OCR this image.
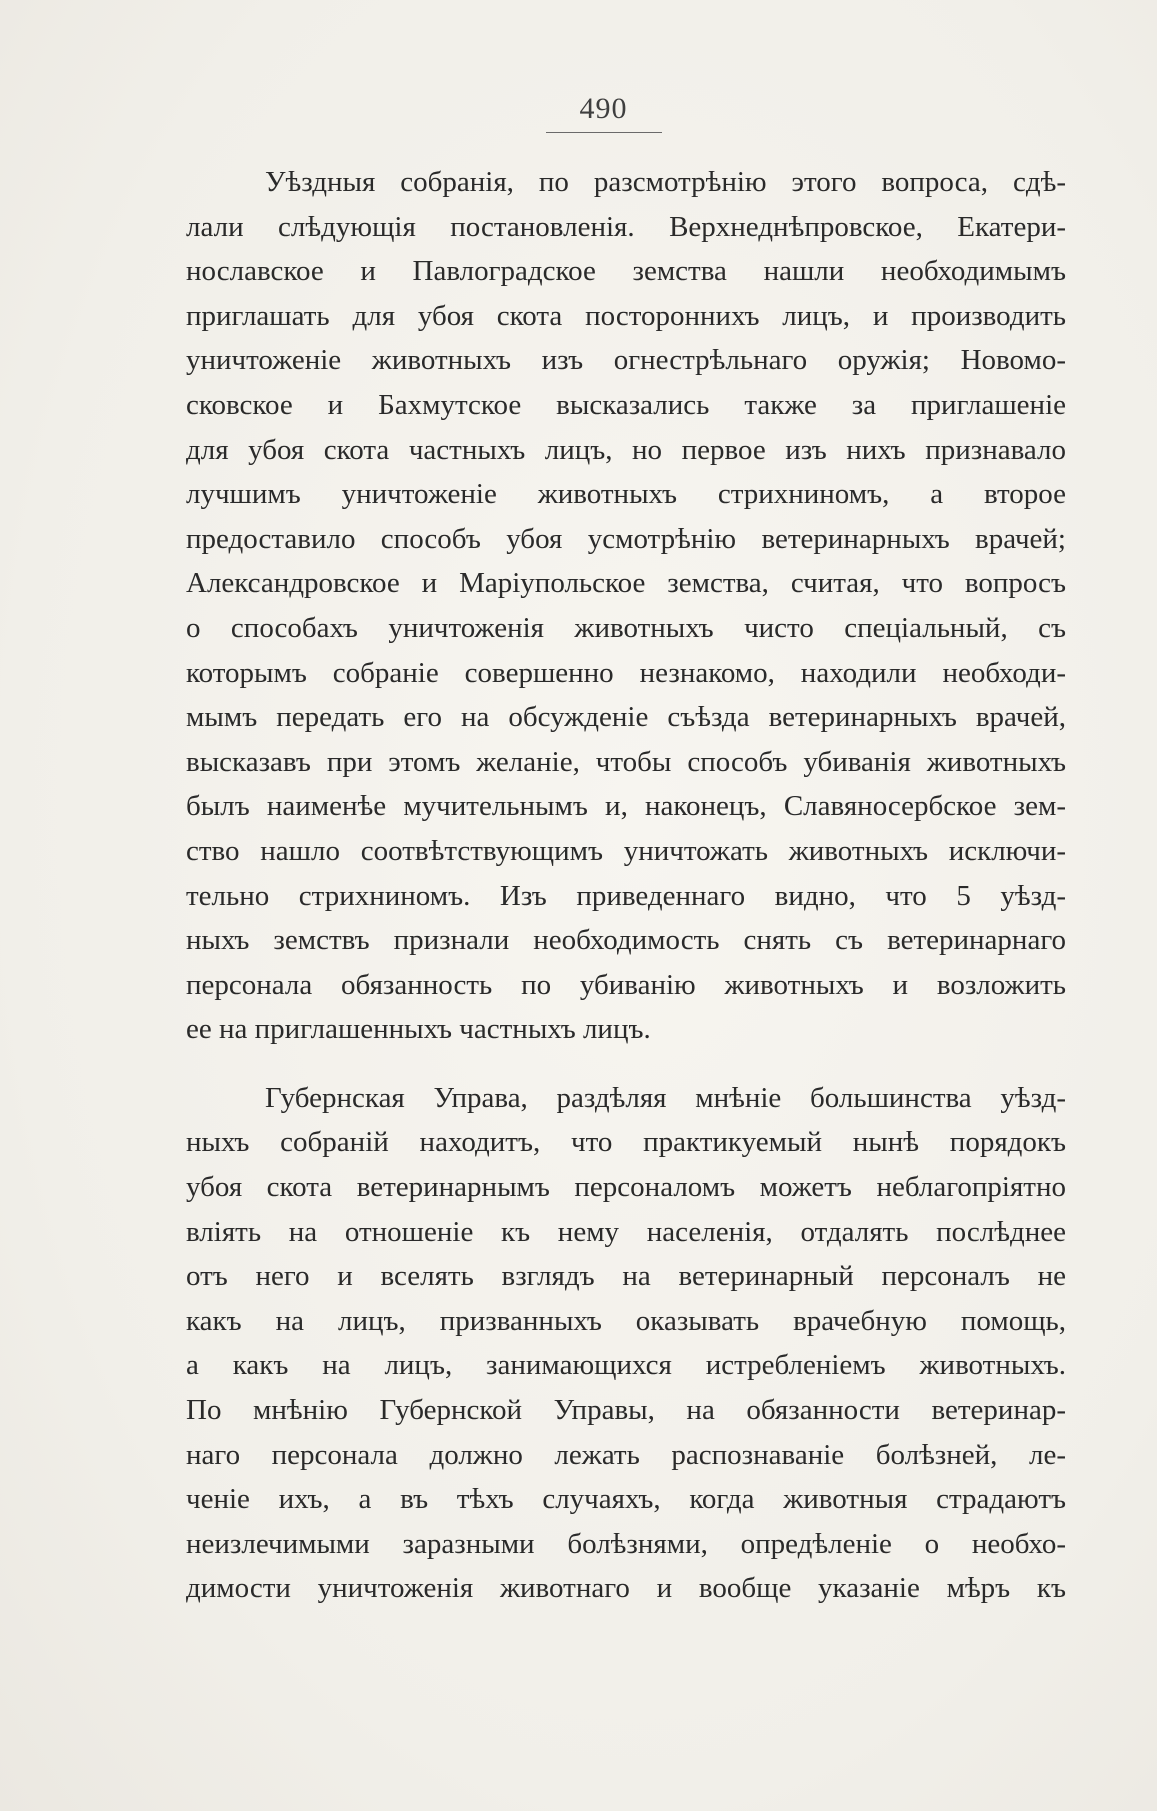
490
Уѣздныя собранія, по разсмотрѣнію этого вопроса, сдѣ-
лали слѣдующія постановленія. Верхнеднѣпровское, Екатери-
нославское и Павлоградское земства нашли необходимымъ
приглашать для убоя скота постороннихъ лицъ, и производить
уничтоженіе животныхъ изъ огнестрѣльнаго оружія; Новомо-
сковское и Бахмутское высказались также за приглашеніе
для убоя скота частныхъ лицъ, но первое изъ нихъ признавало
лучшимъ уничтоженіе животныхъ стрихниномъ, а второе
предоставило способъ убоя усмотрѣнію ветеринарныхъ врачей;
Александровское и Маріупольское земства, считая, что вопросъ
о способахъ уничтоженія животныхъ чисто спеціальный, съ
которымъ собраніе совершенно незнакомо, находили необходи-
мымъ передать его на обсужденіе съѣзда ветеринарныхъ врачей,
высказавъ при этомъ желаніе, чтобы способъ убиванія животныхъ
былъ наименѣе мучительнымъ и, наконецъ, Славяносербское зем-
ство нашло соотвѣтствующимъ уничтожать животныхъ исключи-
тельно стрихниномъ. Изъ приведеннаго видно, что 5 уѣзд-
ныхъ земствъ признали необходимость снять съ ветеринарнаго
персонала обязанность по убиванію животныхъ и возложить
ее на приглашенныхъ частныхъ лицъ.
Губернская Управа, раздѣляя мнѣніе большинства уѣзд-
ныхъ собраній находитъ, что практикуемый нынѣ порядокъ
убоя скота ветеринарнымъ персоналомъ можетъ неблагопріятно
вліять на отношеніе къ нему населенія, отдалять послѣднее
отъ него и вселять взглядъ на ветеринарный персоналъ не
какъ на лицъ, призванныхъ оказывать врачебную помощь,
а какъ на лицъ, занимающихся истребленіемъ животныхъ.
По мнѣнію Губернской Управы, на обязанности ветеринар-
наго персонала должно лежать распознаваніе болѣзней, ле-
ченіе ихъ, а въ тѣхъ случаяхъ, когда животныя страдаютъ
неизлечимыми заразными болѣзнями, опредѣленіе о необхо-
димости уничтоженія животнаго и вообще указаніе мѣръ къ
